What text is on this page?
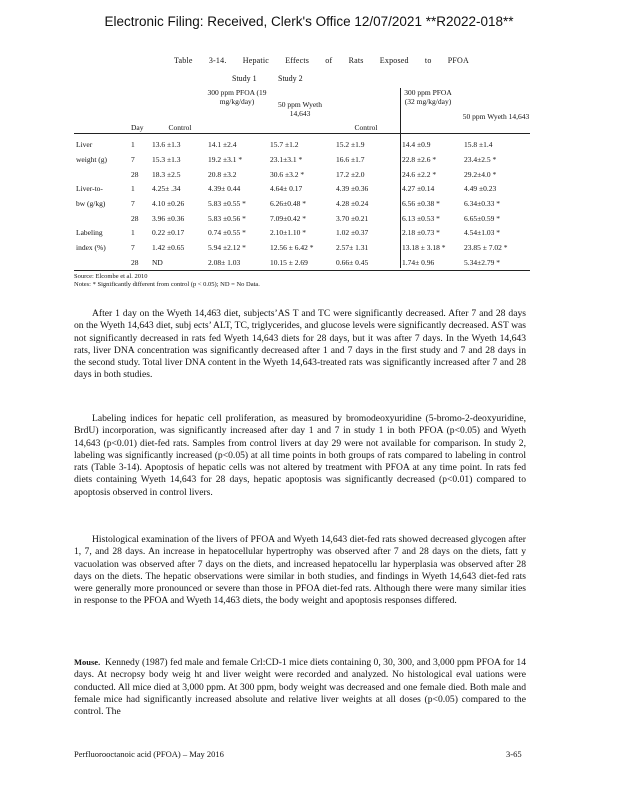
Electronic Filing: Received, Clerk's Office 12/07/2021 **R2022-018**
Table 3-14. Hepatic Effects of Rats Exposed to PFOA
Study 1	Study 2
Day	Control
300 ppm PFOA (19 mg/kg/day)	50 ppm Wyeth 14,643
Control
300 ppm PFOA (32 mg/kg/day)
50 ppm Wyeth 14,643
Liver	1	13.6 ±1.3	14.1 ±2.4	15.7 ±1.2	15.2 ±1.9	14.4 ±0.9	15.8 ±1.4
weight (g)	7	15.3 ±1.3	19.2 ±3.1 *	23.1±3.1 *	16.6 ±1.7	22.8 ±2.6 *	23.4±2.5 *
28	18.3 ±2.5	20.8 ±3.2	30.6 ±3.2 *	17.2 ±2.0	24.6 ±2.2 *	29.2±4.0 *
Liver-to-	1	4.25± .34	4.39± 0.44	4.64± 0.17	4.39 ±0.36	4.27 ±0.14	4.49 ±0.23
bw (g/kg)	7	4.10 ±0.26	5.83 ±0.55 *	6.26±0.48 *	4.28 ±0.24	6.56 ±0.38 *	6.34±0.33 *
28	3.96 ±0.36	5.83 ±0.56 *	7.09±0.42 *	3.70 ±0.21	6.13 ±0.53 *	6.65±0.59 *
Labeling	1	0.22 ±0.17	0.74 ±0.55 *	2.10±1.10 *	1.02 ±0.37	2.18 ±0.73 *	4.54±1.03 *
index (%)	7	1.42 ±0.65	5.94 ±2.12 *	12.56 ± 6.42 *	2.57± 1.31	13.18 ± 3.18 *	23.85 ± 7.02 *
28	ND	2.08± 1.03	10.15 ± 2.69	0.66± 0.45	1.74± 0.96	5.34±2.79 *
Source: Elcombe et al. 2010
Notes: * Significantly different from control (p < 0.05); ND = No Data.

After 1 day on the Wyeth 14,463 diet, subjects’AS T and TC were significantly decreased. After 7 and 28 days on the Wyeth 14,643 diet, subj ects’ ALT, TC, triglycerides, and glucose levels were significantly decreased. AST was not significantly decreased in rats fed Wyeth 14,643 diets for 28 days, but it was after 7 days. In the Wyeth 14,643 rats, liver DNA concentration was significantly decreased after 1 and 7 days in the first study and 7 and 28 days in the second study. Total liver DNA content in the Wyeth 14,643-treated rats was significantly increased after 7 and 28 days in both studies.

Labeling indices for hepatic cell proliferation, as measured by bromodeoxyuridine (5-bromo-2-deoxyuridine, BrdU) incorporation, was significantly increased after day 1 and 7 in study 1 in both PFOA (p<0.05) and Wyeth 14,643 (p<0.01) diet-fed rats. Samples from control livers at day 29 were not available for comparison. In study 2, labeling was significantly increased (p<0.05) at all time points in both groups of rats compared to labeling in control rats (Table 3-14). Apoptosis of hepatic cells was not altered by treatment with PFOA at any time point. In rats fed diets containing Wyeth 14,643 for 28 days, hepatic apoptosis was significantly decreased (p<0.01) compared to apoptosis observed in control livers.

Histological examination of the livers of PFOA and Wyeth 14,643 diet-fed rats showed decreased glycogen after 1, 7, and 28 days. An increase in hepatocellular hypertrophy was observed after 7 and 28 days on the diets, fatt y vacuolation was observed after 7 days on the diets, and increased hepatocellu lar hyperplasia was observed after 28 days on the diets. The hepatic observations were similar in both studies, and findings in Wyeth 14,643 diet-fed rats were generally more pronounced or severe than those in PFOA diet-fed rats. Although there were many similar ities in response to the PFOA and Wyeth 14,463 diets, the body weight and apoptosis responses differed.

Mouse. Kennedy (1987) fed male and female Crl:CD-1 mice diets containing 0, 30, 300, and 3,000 ppm PFOA for 14 days. At necropsy body weig ht and liver weight were recorded and analyzed. No histological eval uations were conducted. All mice died at 3,000 ppm. At 300 ppm, body weight was decreased and one female died. Both male and female mice had significantly increased absolute and relative liver weights at all doses (p<0.05) compared to the control. The

Perfluorooctanoic acid (PFOA) – May 2016	3-65
